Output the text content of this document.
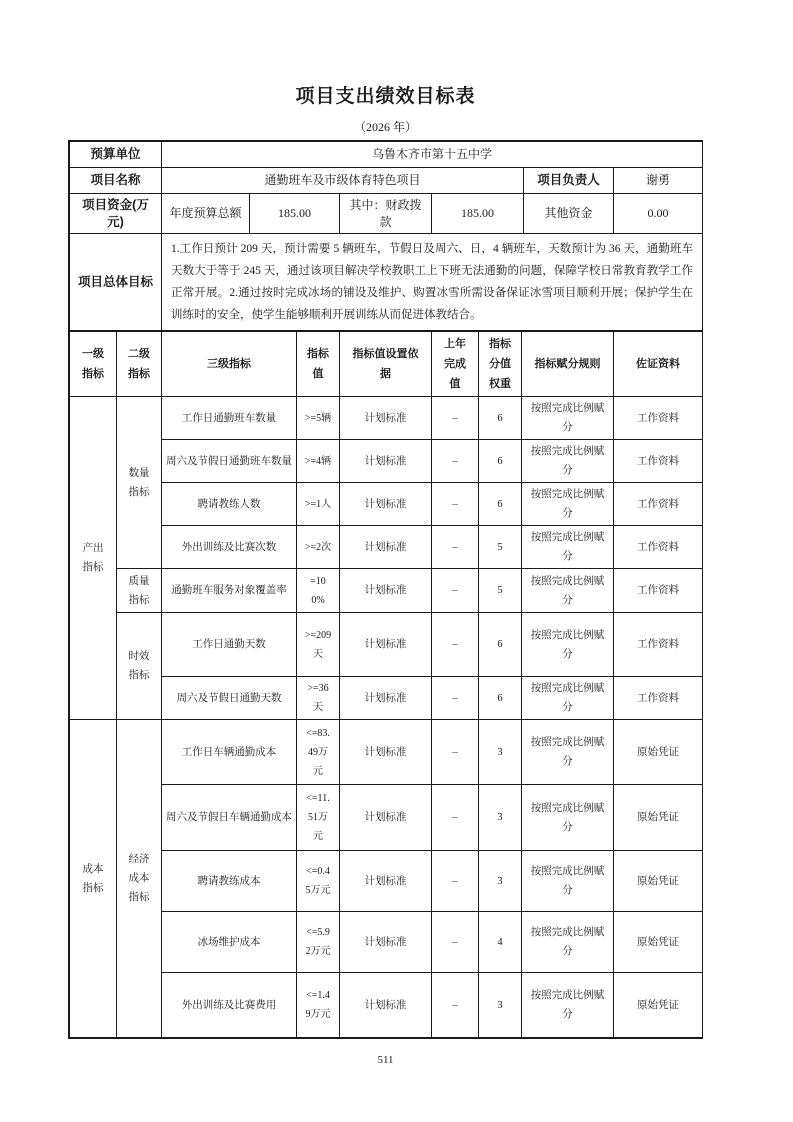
项目支出绩效目标表
（2026 年）
预算单位	乌鲁木齐市第十五中学					
项目名称	通勤班车及市级体育特色项目				项目负责人	谢勇
项目资金(万元)	年度预算总额	185.00	其中：财政拨款	185.00	其他资金	0.00
项目总体目标	1.工作日预计 209 天，预计需要 5 辆班车，节假日及周六、日，4 辆班车，天数预计为 36 天，通勤班车天数大于等于 245 天，通过该项目解决学校教职工上下班无法通勤的问题，保障学校日常教育教学工作正常开展。2.通过按时完成冰场的铺设及维护、购置冰雪所需设备保证冰雪项目顺利开展；保护学生在训练时的安全，使学生能够顺利开展训练从而促进体教结合。					
一级指标	二级指标	三级指标	指标值	指标值设置依据	上年完成值	指标分值权重	指标赋分规则	佐证资料
产出指标	数量指标	工作日通勤班车数量	>=5辆	计划标准	–	6	按照完成比例赋分	工作资料
		周六及节假日通勤班车数量	>=4辆	计划标准	–	6	按照完成比例赋分	工作资料
		聘请教练人数	>=1人	计划标准	–	6	按照完成比例赋分	工作资料
		外出训练及比赛次数	>=2次	计划标准	–	5	按照完成比例赋分	工作资料
	质量指标	通勤班车服务对象覆盖率	=100%	计划标准	–	5	按照完成比例赋分	工作资料
	时效指标	工作日通勤天数	>=209天	计划标准	–	6	按照完成比例赋分	工作资料
		周六及节假日通勤天数	>=36天	计划标准	–	6	按照完成比例赋分	工作资料
成本指标	经济成本指标	工作日车辆通勤成本	<=83.49万元	计划标准	–	3	按照完成比例赋分	原始凭证
		周六及节假日车辆通勤成本	<=11.51万元	计划标准	–	3	按照完成比例赋分	原始凭证
		聘请教练成本	<=0.45万元	计划标准	–	3	按照完成比例赋分	原始凭证
		冰场维护成本	<=5.92万元	计划标准	–	4	按照完成比例赋分	原始凭证
		外出训练及比赛费用	<=1.49万元	计划标准	–	3	按照完成比例赋分	原始凭证
511
